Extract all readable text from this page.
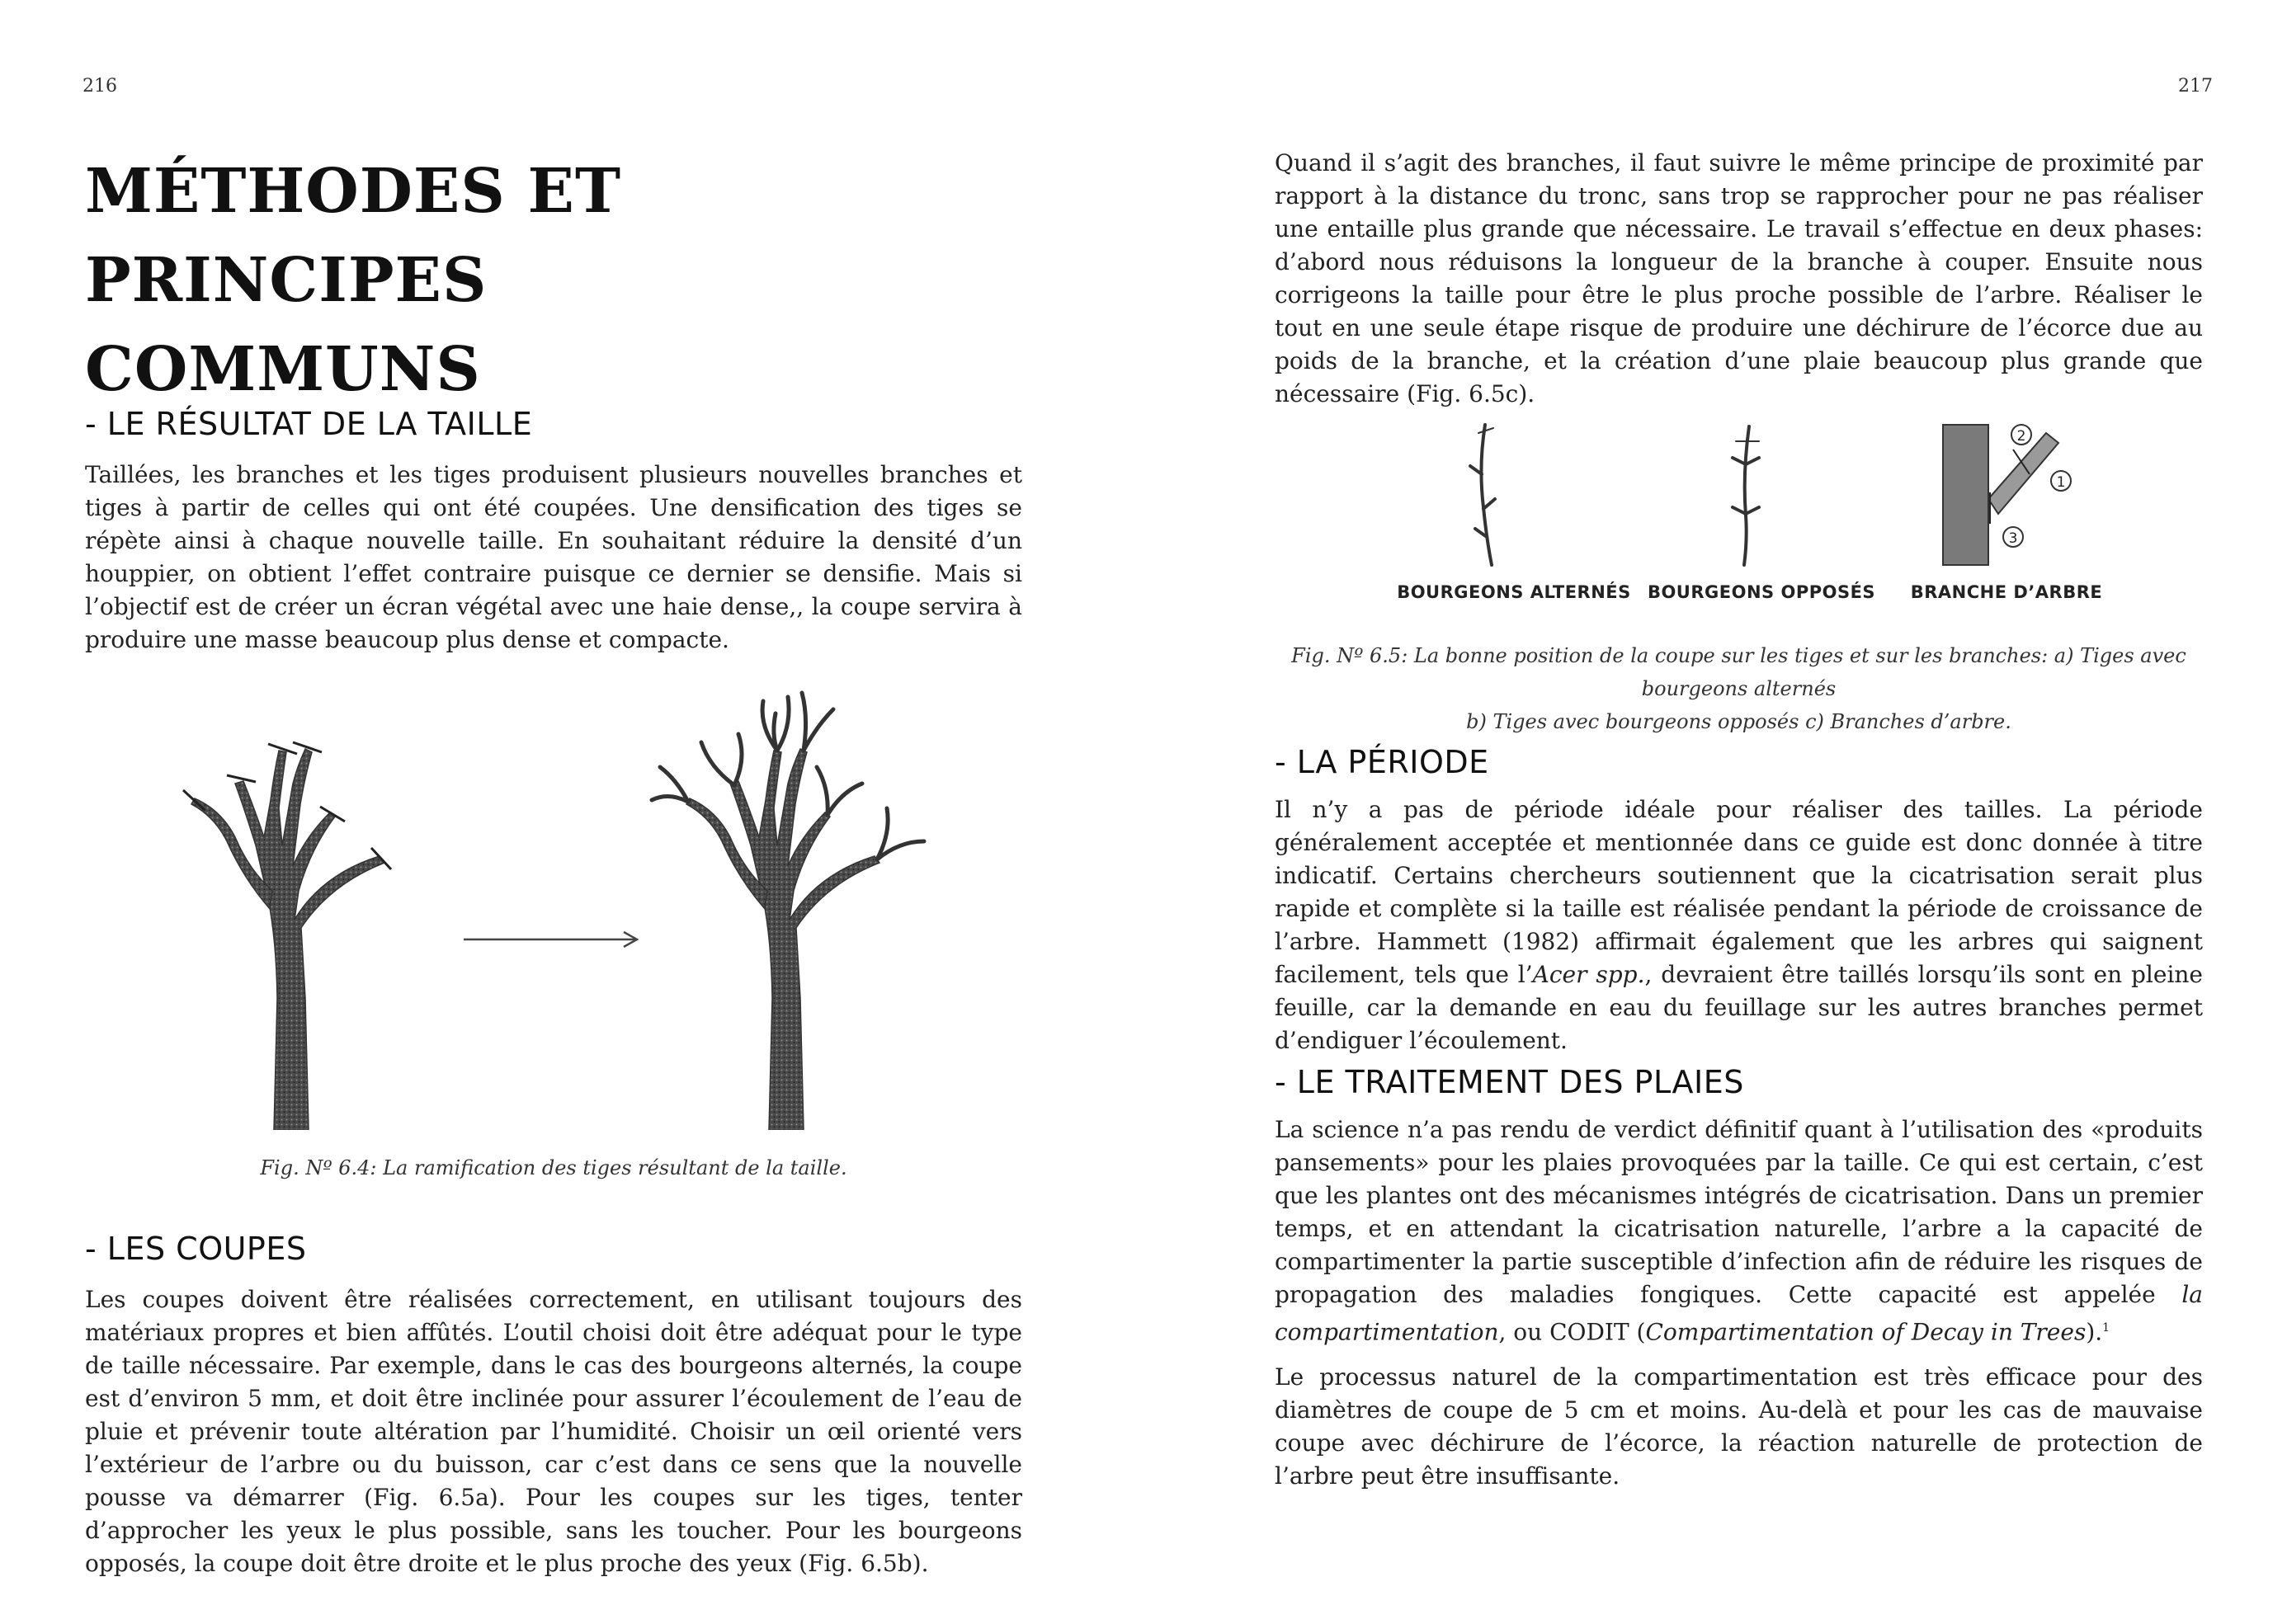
216
MÉTHODES ET PRINCIPES
COMMUNS
- LE RÉSULTAT DE LA TAILLE

Taillées, les branches et les tiges produisent plusieurs nouvelles branches et tiges à partir de celles qui ont été coupées. Une densification des tiges se répète ainsi à chaque nouvelle taille. En souhaitant réduire la densité d’un houppier, on obtient l’effet contraire puisque ce dernier se densifie. Mais si l’objectif est de créer un écran végétal avec une haie dense,, la coupe servira à produire une masse beaucoup plus dense et compacte.

Fig. Nº 6.4: La ramification des tiges résultant de la taille.

- LES COUPES

Les coupes doivent être réalisées correctement, en utilisant toujours des matériaux propres et bien affûtés. L’outil choisi doit être adéquat pour le type de taille nécessaire. Par exemple, dans le cas des bourgeons alternés, la coupe est d’environ 5 mm, et doit être inclinée pour assurer l’écoulement de l’eau de pluie et prévenir toute altération par l’humidité. Choisir un œil orienté vers l’extérieur de l’arbre ou du buisson, car c’est dans ce sens que la nouvelle pousse va démarrer (Fig. 6.5a). Pour les coupes sur les tiges, tenter d’approcher les yeux le plus possible, sans les toucher. Pour les bourgeons opposés, la coupe doit être droite et le plus proche des yeux (Fig. 6.5b).

217

Quand il s’agit des branches, il faut suivre le même principe de proximité par rapport à la distance du tronc, sans trop se rapprocher pour ne pas réaliser une entaille plus grande que nécessaire. Le travail s’effectue en deux phases: d’abord nous réduisons la longueur de la branche à couper. Ensuite nous corrigeons la taille pour être le plus proche possible de l’arbre. Réaliser le tout en une seule étape risque de produire une déchirure de l’écorce due au poids de la branche, et la création d’une plaie beaucoup plus grande que nécessaire (Fig. 6.5c).

BOURGEONS ALTERNÉS BOURGEONS OPPOSÉS
2
1
3
BRANCHE D’ARBRE

Fig. Nº 6.5: La bonne position de la coupe sur les tiges et sur les branches: a) Tiges avec bourgeons alternés
b) Tiges avec bourgeons opposés c) Branches d’arbre.

- LA PÉRIODE

Il n’y a pas de période idéale pour réaliser des tailles. La période généralement acceptée et mentionnée dans ce guide est donc donnée à titre indicatif. Certains chercheurs soutiennent que la cicatrisation serait plus rapide et complète si la taille est réalisée pendant la période de croissance de l’arbre. Hammett (1982) affirmait également que les arbres qui saignent facilement, tels que l’Acer spp., devraient être taillés lorsqu’ils sont en pleine feuille, car la demande en eau du feuillage sur les autres branches permet d’endiguer l’écoulement.

- LE TRAITEMENT DES PLAIES

La science n’a pas rendu de verdict définitif quant à l’utilisation des «produits pansements» pour les plaies provoquées par la taille. Ce qui est certain, c’est que les plantes ont des mécanismes intégrés de cicatrisation. Dans un premier temps, et en attendant la cicatrisation naturelle, l’arbre a la capacité de compartimenter la partie susceptible d’infection afin de réduire les risques de propagation des maladies fongiques. Cette capacité est appelée la compartimentation, ou CODIT (Compartimentation of Decay in Trees).$^1$

Le processus naturel de la compartimentation est très efficace pour des diamètres de coupe de 5 cm et moins. Au-delà et pour les cas de mauvaise coupe avec déchirure de l’écorce, la réaction naturelle de protection de l’arbre peut être insuffisante.
